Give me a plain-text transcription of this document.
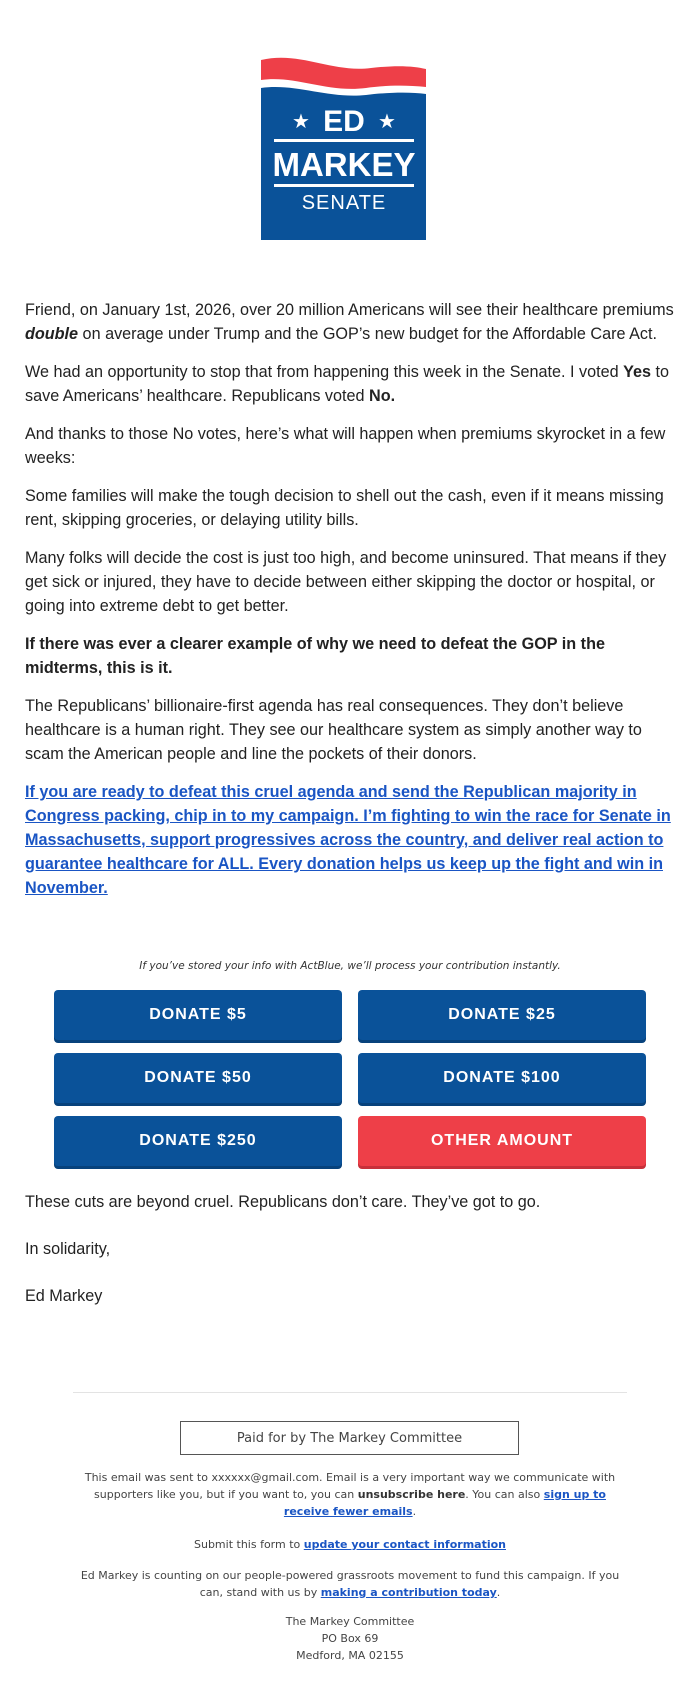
★ ED ★
MARKEY
SENATE

Friend, on January 1st, 2026, over 20 million Americans will see their healthcare premiums double on average under Trump and the GOP’s new budget for the Affordable Care Act.

We had an opportunity to stop that from happening this week in the Senate. I voted Yes to save Americans’ healthcare. Republicans voted No.

And thanks to those No votes, here’s what will happen when premiums skyrocket in a few weeks:

Some families will make the tough decision to shell out the cash, even if it means missing rent, skipping groceries, or delaying utility bills.

Many folks will decide the cost is just too high, and become uninsured. That means if they get sick or injured, they have to decide between either skipping the doctor or hospital, or going into extreme debt to get better.

If there was ever a clearer example of why we need to defeat the GOP in the midterms, this is it.

The Republicans’ billionaire-first agenda has real consequences. They don’t believe healthcare is a human right. They see our healthcare system as simply another way to scam the American people and line the pockets of their donors.

If you are ready to defeat this cruel agenda and send the Republican majority in Congress packing, chip in to my campaign. I’m fighting to win the race for Senate in Massachusetts, support progressives across the country, and deliver real action to guarantee healthcare for ALL. Every donation helps us keep up the fight and win in November.
If you’ve stored your info with ActBlue, we’ll process your contribution instantly.
DONATE $5	DONATE $25
DONATE $50	DONATE $100
DONATE $250	OTHER AMOUNT
These cuts are beyond cruel. Republicans don’t care. They’ve got to go.
In solidarity,
Ed Markey
Paid for by The Markey Committee
This email was sent to xxxxxx@gmail.com. Email is a very important way we communicate with supporters like you, but if you want to, you can unsubscribe here. You can also sign up to receive fewer emails.
Submit this form to update your contact information
Ed Markey is counting on our people-powered grassroots movement to fund this campaign. If you can, stand with us by making a contribution today.
The Markey Committee
PO Box 69
Medford, MA 02155
